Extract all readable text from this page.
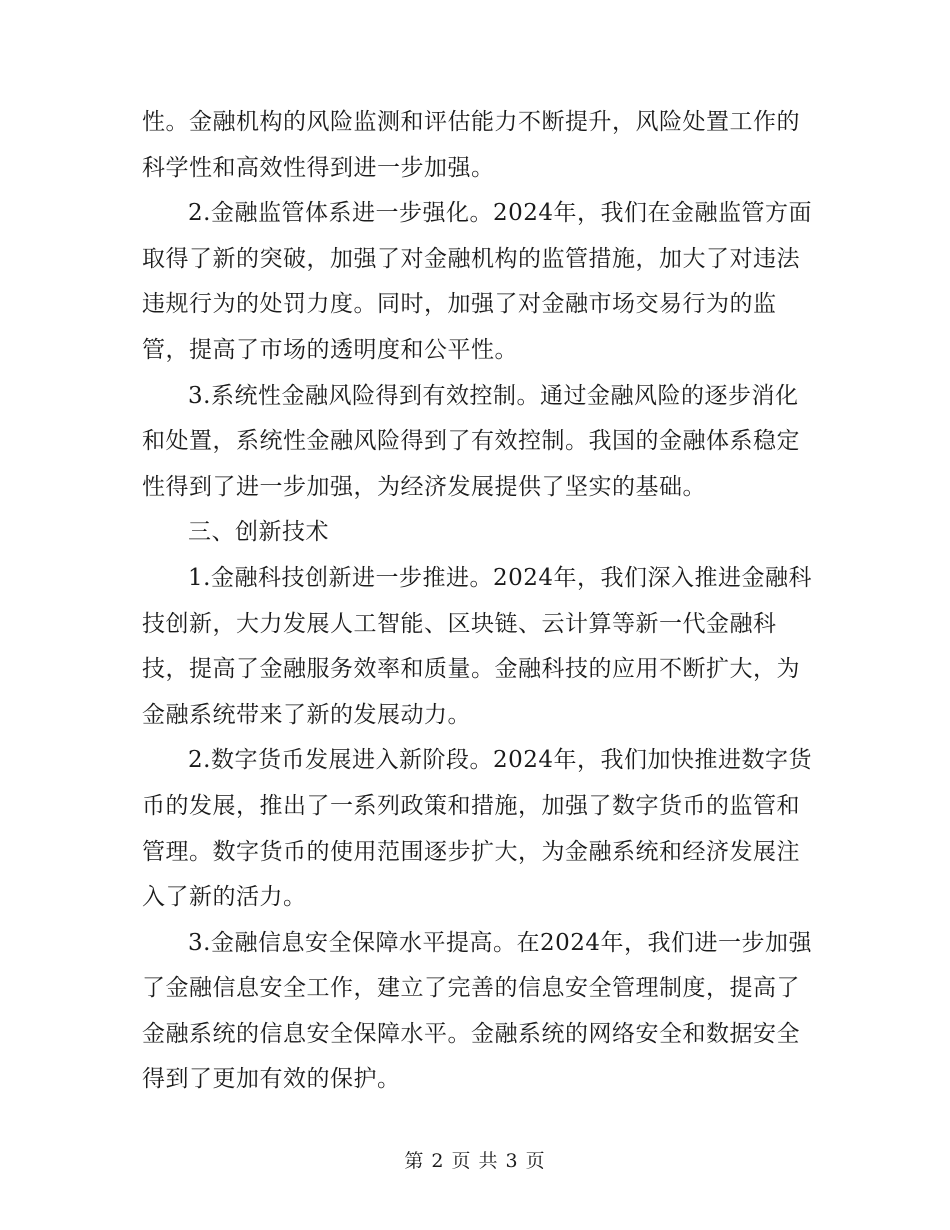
性。金融机构的风险监测和评估能力不断提升，风险处置工作的
科学性和高效性得到进一步加强。
2.金融监管体系进一步强化。2024年，我们在金融监管方面
取得了新的突破，加强了对金融机构的监管措施，加大了对违法
违规行为的处罚力度。同时，加强了对金融市场交易行为的监
管，提高了市场的透明度和公平性。
3.系统性金融风险得到有效控制。通过金融风险的逐步消化
和处置，系统性金融风险得到了有效控制。我国的金融体系稳定
性得到了进一步加强，为经济发展提供了坚实的基础。
三、创新技术
1.金融科技创新进一步推进。2024年，我们深入推进金融科
技创新，大力发展人工智能、区块链、云计算等新一代金融科
技，提高了金融服务效率和质量。金融科技的应用不断扩大，为
金融系统带来了新的发展动力。
2.数字货币发展进入新阶段。2024年，我们加快推进数字货
币的发展，推出了一系列政策和措施，加强了数字货币的监管和
管理。数字货币的使用范围逐步扩大，为金融系统和经济发展注
入了新的活力。
3.金融信息安全保障水平提高。在2024年，我们进一步加强
了金融信息安全工作，建立了完善的信息安全管理制度，提高了
金融系统的信息安全保障水平。金融系统的网络安全和数据安全
得到了更加有效的保护。
第 2 页 共 3 页
